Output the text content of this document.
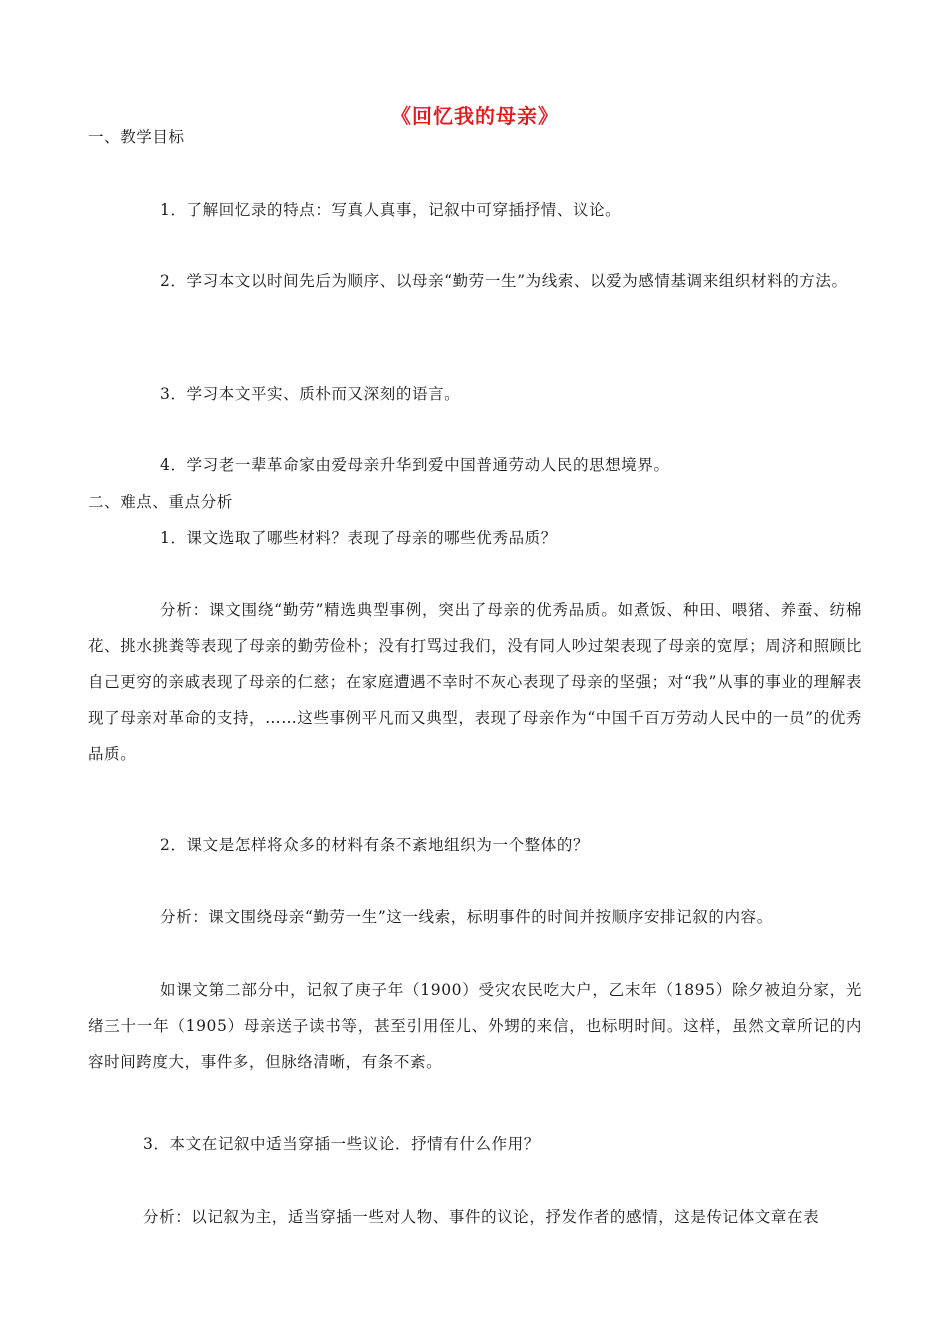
《回忆我的母亲》
一、教学目标
1．了解回忆录的特点：写真人真事，记叙中可穿插抒情、议论。
2．学习本文以时间先后为顺序、以母亲“勤劳一生”为线索、以爱为感情基调来组织材料的方法。
3．学习本文平实、质朴而又深刻的语言。
4．学习老一辈革命家由爱母亲升华到爱中国普通劳动人民的思想境界。
二、难点、重点分析
1．课文选取了哪些材料？表现了母亲的哪些优秀品质？
分析：课文围绕“勤劳”精选典型事例，突出了母亲的优秀品质。如煮饭、种田、喂猪、养蚕、纺棉花、挑水挑粪等表现了母亲的勤劳俭朴；没有打骂过我们，没有同人吵过架表现了母亲的宽厚；周济和照顾比自己更穷的亲戚表现了母亲的仁慈；在家庭遭遇不幸时不灰心表现了母亲的坚强；对“我”从事的事业的理解表现了母亲对革命的支持，……这些事例平凡而又典型，表现了母亲作为“中国千百万劳动人民中的一员”的优秀品质。
2．课文是怎样将众多的材料有条不紊地组织为一个整体的？
分析：课文围绕母亲“勤劳一生”这一线索，标明事件的时间并按顺序安排记叙的内容。
如课文第二部分中，记叙了庚子年（1900）受灾农民吃大户，乙末年（1895）除夕被迫分家，光绪三十一年（1905）母亲送子读书等，甚至引用侄儿、外甥的来信，也标明时间。这样，虽然文章所记的内容时间跨度大，事件多，但脉络清晰，有条不紊。
3．本文在记叙中适当穿插一些议论．抒情有什么作用？
分析：以记叙为主，适当穿插一些对人物、事件的议论，抒发作者的感情，这是传记体文章在表
